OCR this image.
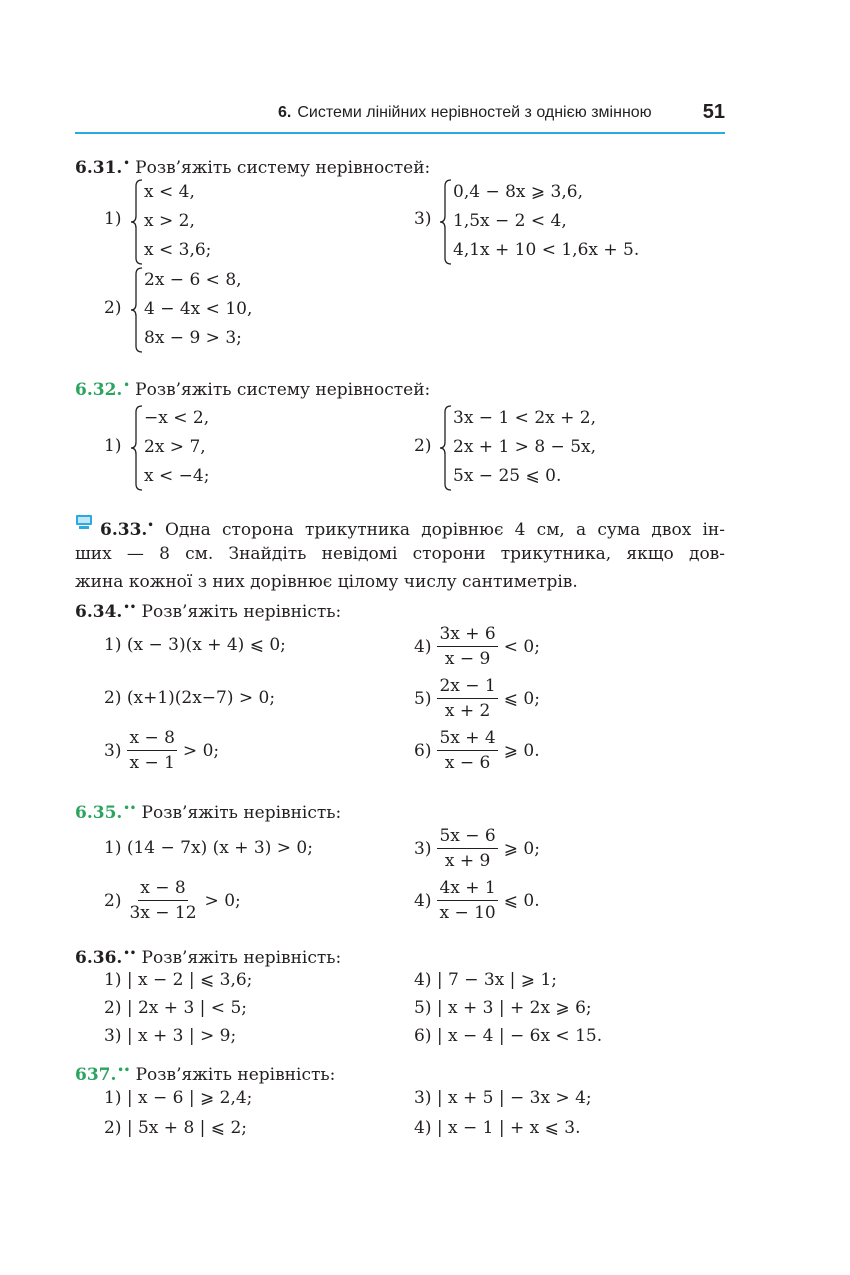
6. Системи лінійних нерівностей з однією змінною	51
6.31.• Розв’яжіть систему нерівностей:
1)
x < 4,
x > 2,
x < 3,6;
2)
2x − 6 < 8,
4 − 4x < 10,
8x − 9 > 3;
3)
0,4 − 8x ⩾ 3,6,
1,5x − 2 < 4,
4,1x + 10 < 1,6x + 5.
6.32.• Розв’яжіть систему нерівностей:
1)
−x < 2,
2x > 7,
x < −4;
2)
3x − 1 < 2x + 2,
2x + 1 > 8 − 5x,
5x − 25 ⩽ 0.
6.33.• Одна сторона трикутника дорівнює 4 см, а сума двох ін-
ших — 8 см. Знайдіть невідомі сторони трикутника, якщо дов-
жина кожної з них дорівнює цілому числу сантиметрів.
6.34.•• Розв’яжіть нерівність:
1) (x − 3)(x + 4) ⩽ 0;
2) (x+1)(2x−7) > 0;
$3) \frac{x - 8}{x - 1} > 0$;
$4) \frac{3x + 6}{x - 9} < 0$;
$5) \frac{2x - 1}{x + 2}$ ⩽ 0;
$6) \frac{5x + 4}{x - 6}$ ⩾ 0.
6.35.•• Розв’яжіть нерівність:
1) (14 − 7x) (x + 3) > 0;
$2) \frac{x - 8}{3x - 12} > 0$;
$3) \frac{5x - 6}{x + 9}$ ⩾ 0;
$4) \frac{4x + 1}{x - 10}$ ⩽ 0.
6.36.•• Розв’яжіть нерівність:
1) | x − 2 | ⩽ 3,6;
2) | 2x + 3 | < 5;
3) | x + 3 | > 9;
4) | 7 − 3x | ⩾ 1;
5) | x + 3 | + 2x ⩾ 6;
6) | x − 4 | − 6x < 15.
637.•• Розв’яжіть нерівність:
1) | x − 6 | ⩾ 2,4;
2) | 5x + 8 | ⩽ 2;
3) | x + 5 | − 3x > 4;
4) | x − 1 | + x ⩽ 3.
